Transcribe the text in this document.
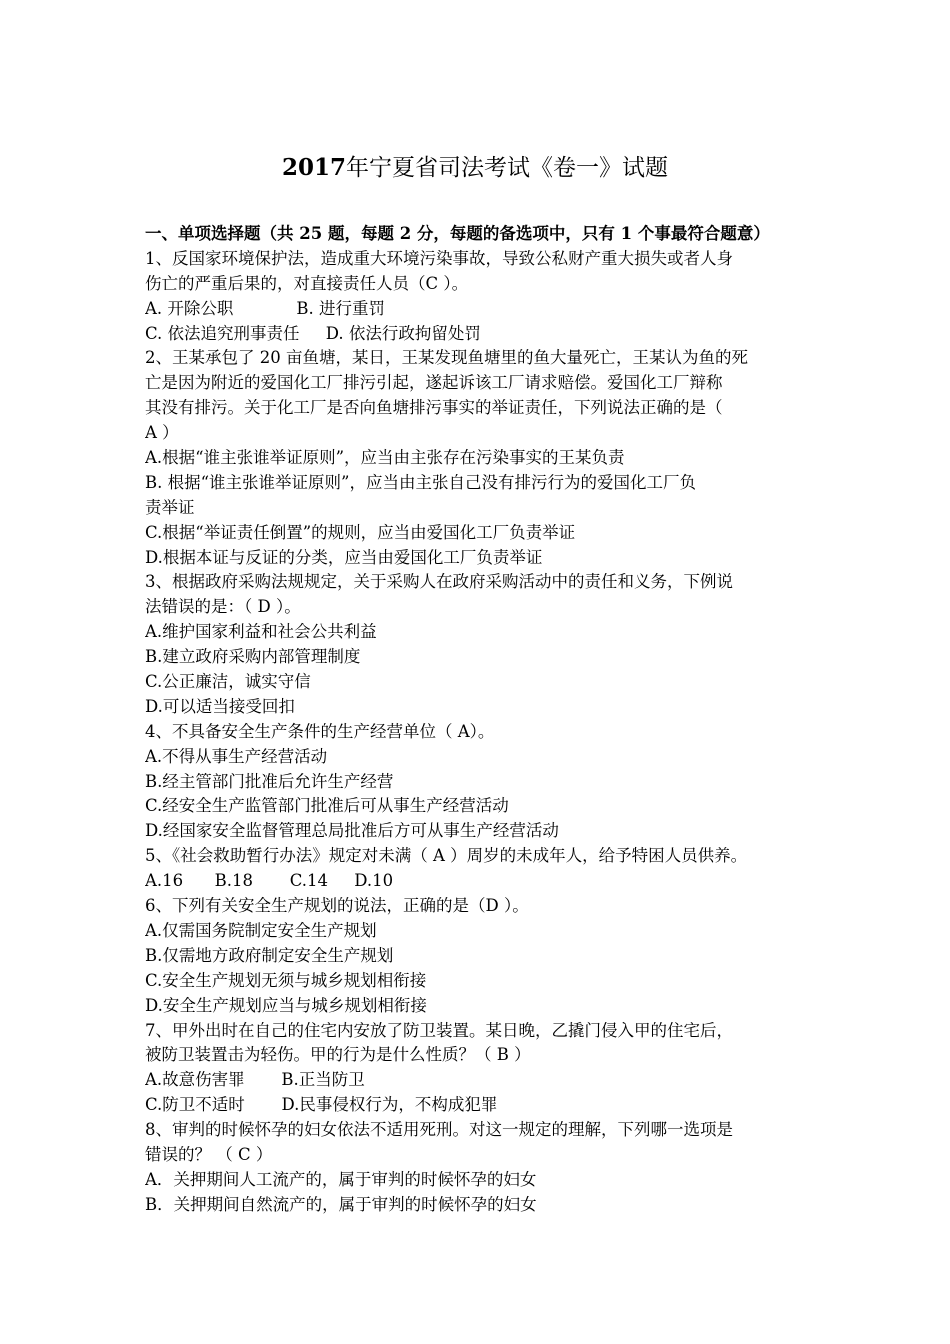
2017年宁夏省司法考试《卷一》试题
一、单项选择题（共 25 题，每题 2 分，每题的备选项中，只有 1 个事最符合题意）
1、反国家环境保护法，造成重大环境污染事故，导致公私财产重大损失或者人身
伤亡的严重后果的，对直接责任人员（C ）。
A. 开除公职            B. 进行重罚
C. 依法追究刑事责任     D. 依法行政拘留处罚
2、王某承包了 20 亩鱼塘，某日，王某发现鱼塘里的鱼大量死亡，王某认为鱼的死
亡是因为附近的爱国化工厂排污引起，遂起诉该工厂请求赔偿。爱国化工厂辩称
其没有排污。关于化工厂是否向鱼塘排污事实的举证责任，下列说法正确的是（
A ）
A.根据“谁主张谁举证原则”，应当由主张存在污染事实的王某负责
B. 根据“谁主张谁举证原则”，应当由主张自己没有排污行为的爱国化工厂负
责举证
C.根据“举证责任倒置”的规则，应当由爱国化工厂负责举证
D.根据本证与反证的分类，应当由爱国化工厂负责举证
3、根据政府采购法规规定，关于采购人在政府采购活动中的责任和义务，下例说
法错误的是：（ D ）。
A.维护国家利益和社会公共利益
B.建立政府采购内部管理制度
C.公正廉洁，诚实守信
D.可以适当接受回扣
4、不具备安全生产条件的生产经营单位（ A）。
A.不得从事生产经营活动
B.经主管部门批准后允许生产经营
C.经安全生产监管部门批准后可从事生产经营活动
D.经国家安全监督管理总局批准后方可从事生产经营活动
5、《社会救助暂行办法》规定对未满（ A ）周岁的未成年人，给予特困人员供养。
A.16      B.18       C.14     D.10
6、下列有关安全生产规划的说法，正确的是（D ）。
A.仅需国务院制定安全生产规划
B.仅需地方政府制定安全生产规划
C.安全生产规划无须与城乡规划相衔接
D.安全生产规划应当与城乡规划相衔接
7、甲外出时在自己的住宅内安放了防卫装置。某日晚，乙撬门侵入甲的住宅后，
被防卫装置击为轻伤。甲的行为是什么性质？（ B ）
A.故意伤害罪       B.正当防卫
C.防卫不适时       D.民事侵权行为，不构成犯罪
8、审判的时候怀孕的妇女依法不适用死刑。对这一规定的理解，下列哪一选项是
错误的？ （ C ）
A．关押期间人工流产的，属于审判的时候怀孕的妇女
B．关押期间自然流产的，属于审判的时候怀孕的妇女
